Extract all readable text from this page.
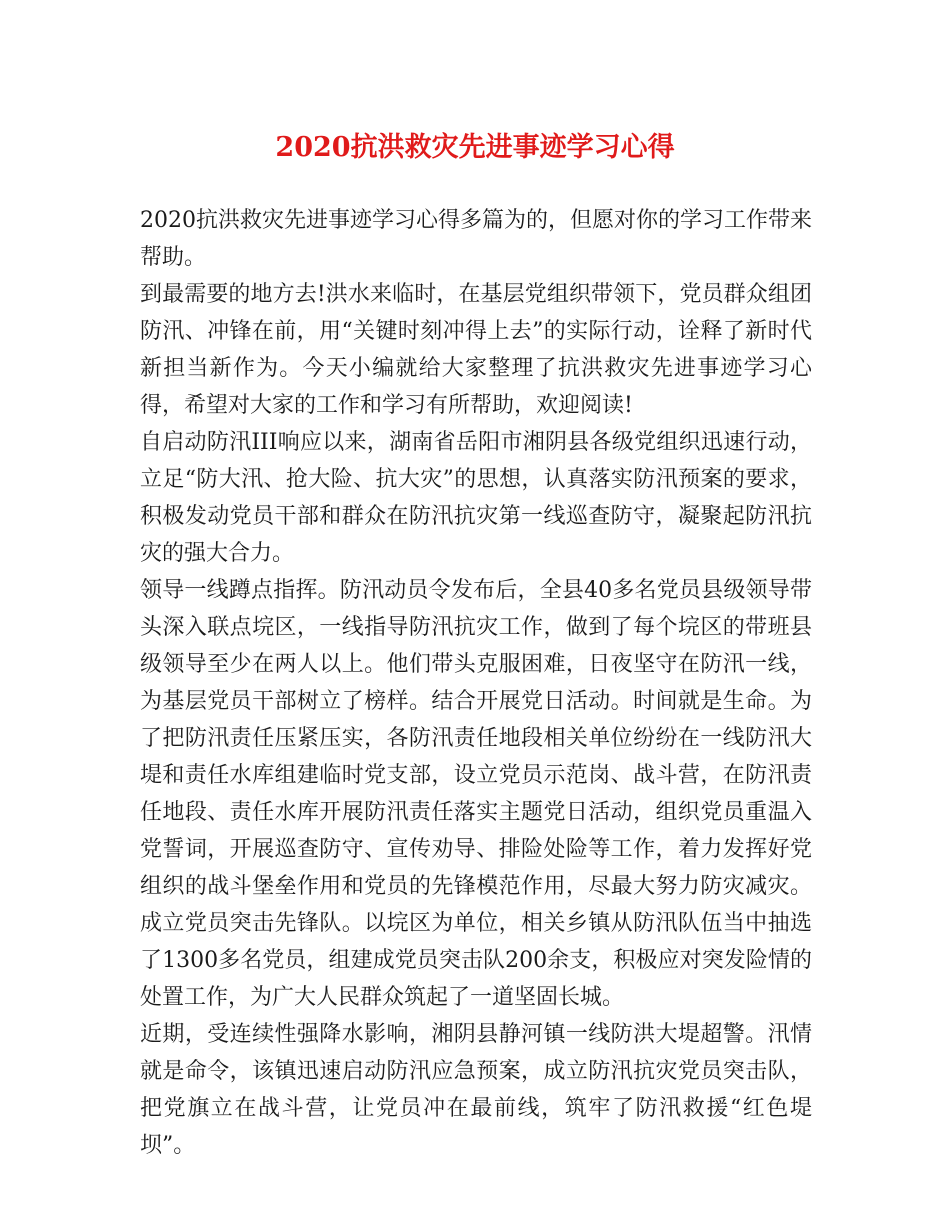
2020抗洪救灾先进事迹学习心得

2020抗洪救灾先进事迹学习心得多篇为的，但愿对你的学习工作带来帮助。

到最需要的地方去!洪水来临时，在基层党组织带领下，党员群众组团防汛、冲锋在前，用“关键时刻冲得上去”的实际行动，诠释了新时代新担当新作为。今天小编就给大家整理了抗洪救灾先进事迹学习心得，希望对大家的工作和学习有所帮助，欢迎阅读!

自启动防汛III响应以来，湖南省岳阳市湘阴县各级党组织迅速行动，立足“防大汛、抢大险、抗大灾”的思想，认真落实防汛预案的要求，积极发动党员干部和群众在防汛抗灾第一线巡查防守，凝聚起防汛抗灾的强大合力。

领导一线蹲点指挥。防汛动员令发布后，全县40多名党员县级领导带头深入联点垸区，一线指导防汛抗灾工作，做到了每个垸区的带班县级领导至少在两人以上。他们带头克服困难，日夜坚守在防汛一线，为基层党员干部树立了榜样。结合开展党日活动。时间就是生命。为了把防汛责任压紧压实，各防汛责任地段相关单位纷纷在一线防汛大堤和责任水库组建临时党支部，设立党员示范岗、战斗营，在防汛责任地段、责任水库开展防汛责任落实主题党日活动，组织党员重温入党誓词，开展巡查防守、宣传劝导、排险处险等工作，着力发挥好党组织的战斗堡垒作用和党员的先锋模范作用，尽最大努力防灾减灾。成立党员突击先锋队。以垸区为单位，相关乡镇从防汛队伍当中抽选了1300多名党员，组建成党员突击队200余支，积极应对突发险情的处置工作，为广大人民群众筑起了一道坚固长城。

近期，受连续性强降水影响，湘阴县静河镇一线防洪大堤超警。汛情就是命令，该镇迅速启动防汛应急预案，成立防汛抗灾党员突击队，把党旗立在战斗营，让党员冲在最前线，筑牢了防汛救援“红色堤坝”。
